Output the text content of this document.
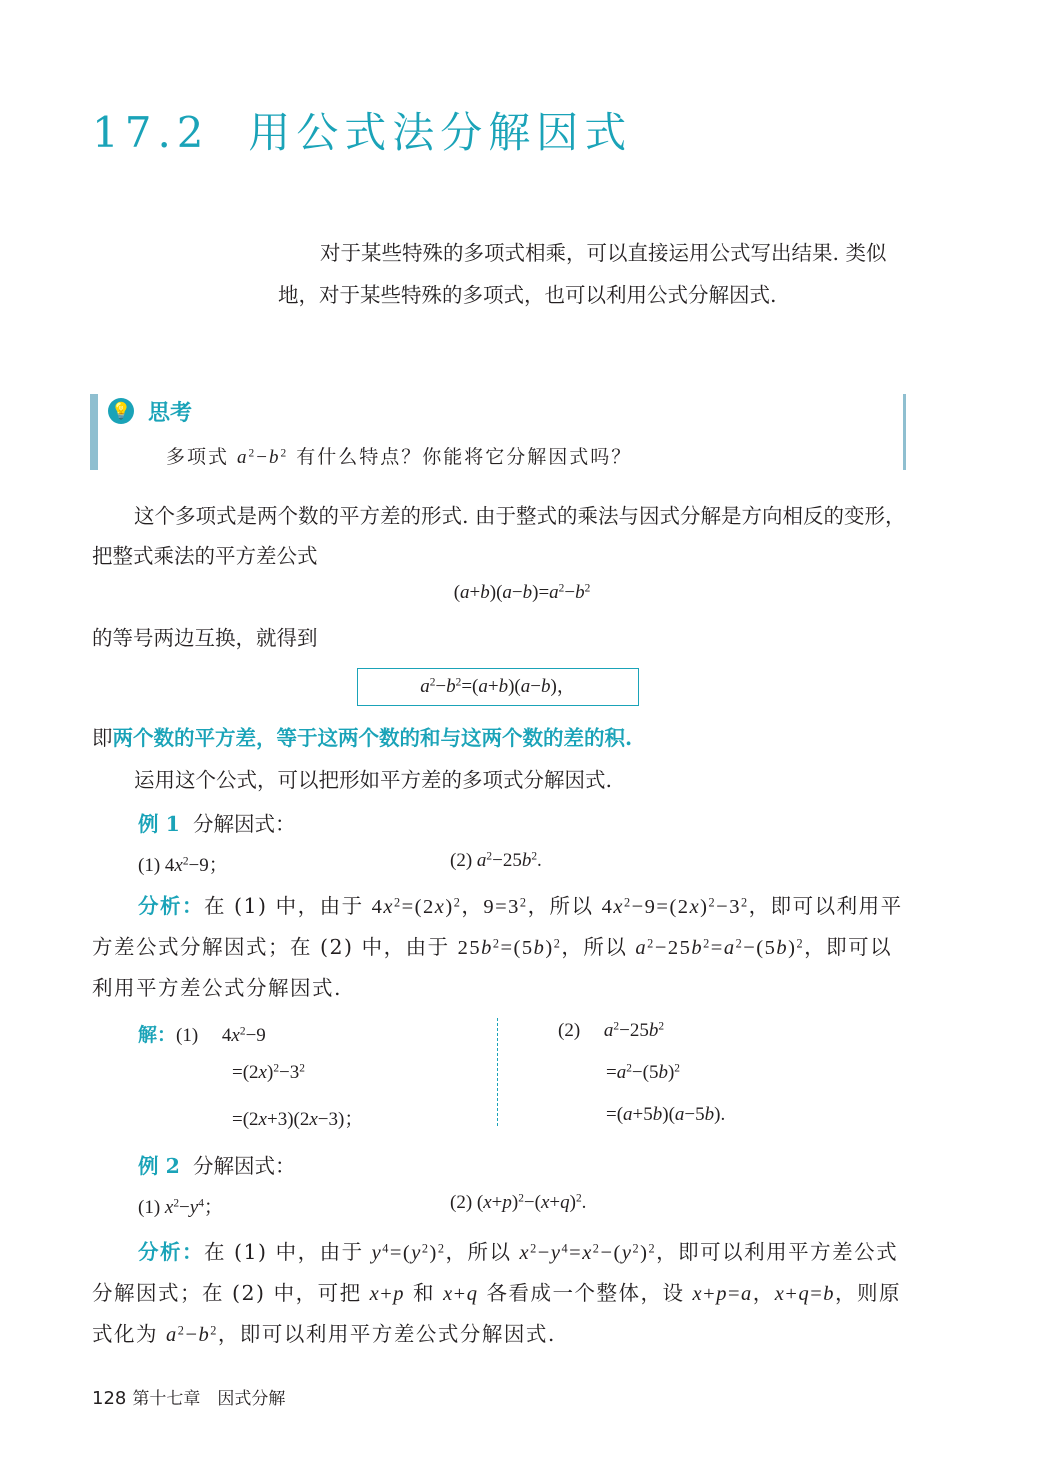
17.2 用公式法分解因式
对于某些特殊的多项式相乘，可以直接运用公式写出结果. 类似地，对于某些特殊的多项式，也可以利用公式分解因式.
💡 思考
多项式 $a^2-b^2$ 有什么特点？你能将它分解因式吗？
这个多项式是两个数的平方差的形式. 由于整式的乘法与因式分解是方向相反的变形，把整式乘法的平方差公式
$(a+b)(a-b)=a^2-b^2$
的等号两边互换，就得到
$a^2-b^2=(a+b)(a-b)$，
即两个数的平方差，等于这两个数的和与这两个数的差的积.
运用这个公式，可以把形如平方差的多项式分解因式.
例 1 分解因式：
(1) $4x^2-9$；	(2) $a^2-25b^2$.
分析：在 (1) 中，由于 $4x^2=(2x)^2$，$9=3^2$，所以 $4x^2-9=(2x)^2-3^2$，即可以利用平方差公式分解因式；在 (2) 中，由于 $25b^2=(5b)^2$，所以 $a^2-25b^2=a^2-(5b)^2$，即可以利用平方差公式分解因式.
解：(1)     $4x^2-9$
$=(2x)^2-3^2$
=(2x+3)(2x−3)；
(2)     $a^2-25b^2$
$=a^2-(5b)^2$
=(a+5b)(a−5b).
例 2 分解因式：
(1) $x^2-y^4$；	(2) $(x+p)^2-(x+q)^2$.
分析：在 (1) 中，由于 $y^4=(y^2)^2$，所以 $x^2-y^4=x^2-(y^2)^2$，即可以利用平方差公式分解因式；在 (2) 中，可把 x+p 和 x+q 各看成一个整体，设 x+p=a，x+q=b，则原式化为 $a^2-b^2$，即可以利用平方差公式分解因式.
128 第十七章　因式分解
